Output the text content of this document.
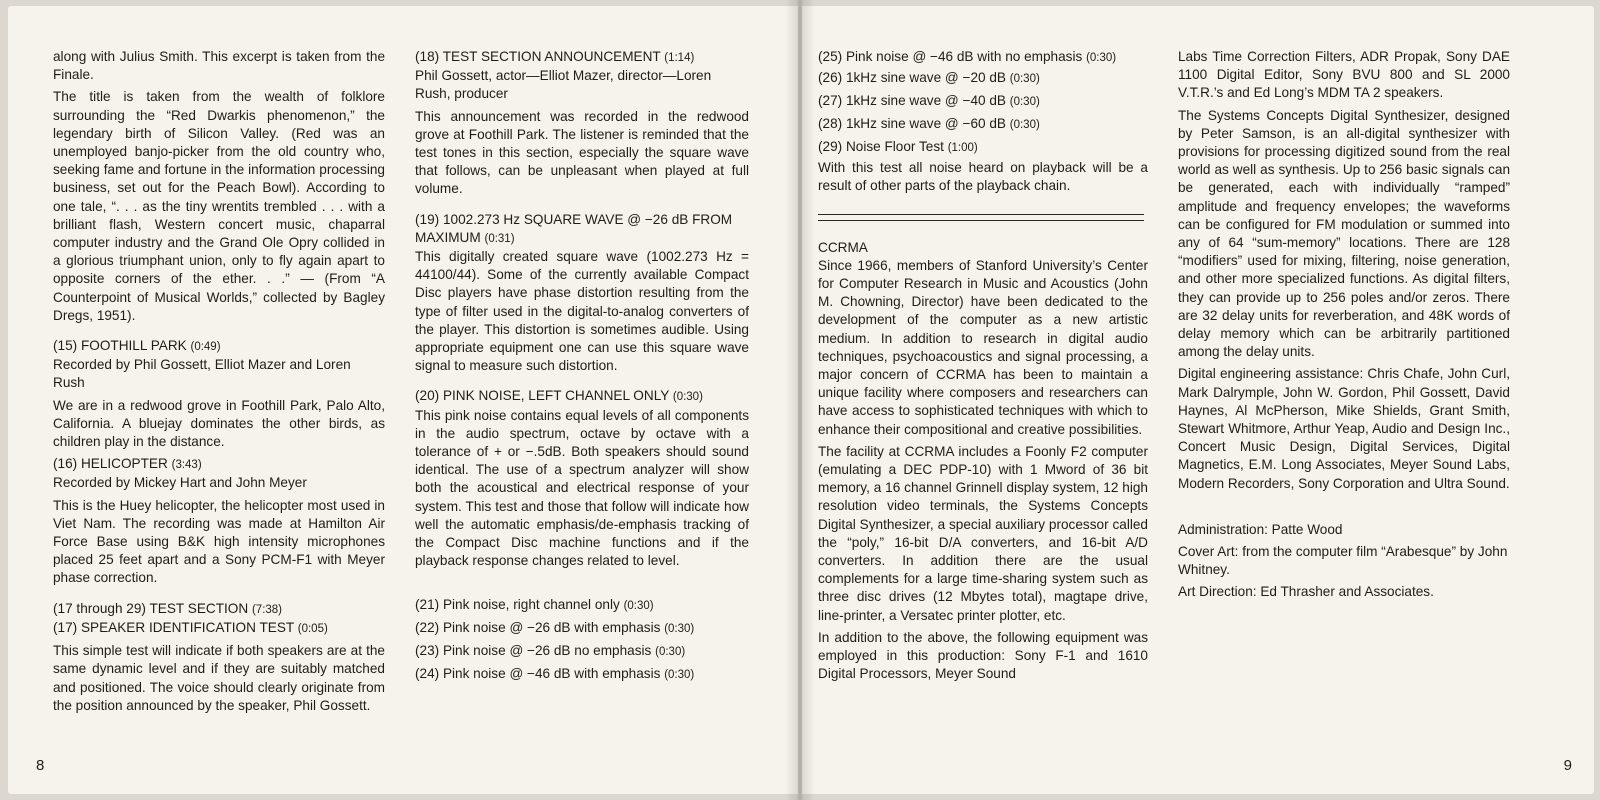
along with Julius Smith. This excerpt is taken from the Finale.

The title is taken from the wealth of folklore surrounding the “Red Dwarkis phenomenon,” the legendary birth of Silicon Valley. (Red was an unemployed banjo-picker from the old country who, seeking fame and fortune in the information processing business, set out for the Peach Bowl). According to one tale, “. . . as the tiny wrentits trembled . . . with a brilliant flash, Western concert music, chaparral computer industry and the Grand Ole Opry collided in a glorious triumphant union, only to fly again apart to opposite corners of the ether. . .” — (From “A Counterpoint of Musical Worlds,” collected by Bagley Dregs, 1951).

(15) FOOTHILL PARK (0:49)

Recorded by Phil Gossett, Elliot Mazer and Loren Rush

We are in a redwood grove in Foothill Park, Palo Alto, California. A bluejay dominates the other birds, as children play in the distance.

(16) HELICOPTER (3:43)

Recorded by Mickey Hart and John Meyer

This is the Huey helicopter, the helicopter most used in Viet Nam. The recording was made at Hamilton Air Force Base using B&K high intensity microphones placed 25 feet apart and a Sony PCM-F1 with Meyer phase correction.

(17 through 29) TEST SECTION (7:38)

(17) SPEAKER IDENTIFICATION TEST (0:05)

This simple test will indicate if both speakers are at the same dynamic level and if they are suitably matched and positioned. The voice should clearly originate from the position announced by the speaker, Phil Gossett.

(18) TEST SECTION ANNOUNCEMENT (1:14)

Phil Gossett, actor—Elliot Mazer, director—Loren Rush, producer

This announcement was recorded in the redwood grove at Foothill Park. The listener is reminded that the test tones in this section, especially the square wave that follows, can be unpleasant when played at full volume.

(19) 1002.273 Hz SQUARE WAVE @ −26 dB FROM MAXIMUM (0:31)

This digitally created square wave (1002.273 Hz = 44100/44). Some of the currently available Compact Disc players have phase distortion resulting from the type of filter used in the digital-to-analog converters of the player. This distortion is sometimes audible. Using appropriate equipment one can use this square wave signal to measure such distortion.

(20) PINK NOISE, LEFT CHANNEL ONLY (0:30)

This pink noise contains equal levels of all components in the audio spectrum, octave by octave with a tolerance of + or −.5dB. Both speakers should sound identical. The use of a spectrum analyzer will show both the acoustical and electrical response of your system. This test and those that follow will indicate how well the automatic emphasis/de-emphasis tracking of the Compact Disc machine functions and if the playback response changes related to level.

(21) Pink noise, right channel only (0:30)

(22) Pink noise @ −26 dB with emphasis (0:30)

(23) Pink noise @ −26 dB no emphasis (0:30)

(24) Pink noise @ −46 dB with emphasis (0:30)

8

(25) Pink noise @ −46 dB with no emphasis (0:30)

(26) 1kHz sine wave @ −20 dB (0:30)

(27) 1kHz sine wave @ −40 dB (0:30)

(28) 1kHz sine wave @ −60 dB (0:30)

(29) Noise Floor Test (1:00)

With this test all noise heard on playback will be a result of other parts of the playback chain.

CCRMA

Since 1966, members of Stanford University’s Center for Computer Research in Music and Acoustics (John M. Chowning, Director) have been dedicated to the development of the computer as a new artistic medium. In addition to research in digital audio techniques, psychoacoustics and signal processing, a major concern of CCRMA has been to maintain a unique facility where composers and researchers can have access to sophisticated techniques with which to enhance their compositional and creative possibilities.

The facility at CCRMA includes a Foonly F2 computer (emulating a DEC PDP-10) with 1 Mword of 36 bit memory, a 16 channel Grinnell display system, 12 high resolution video terminals, the Systems Concepts Digital Synthesizer, a special auxiliary processor called the “poly,” 16-bit D/A converters, and 16-bit A/D converters. In addition there are the usual complements for a large time-sharing system such as three disc drives (12 Mbytes total), magtape drive, line-printer, a Versatec printer plotter, etc.

In addition to the above, the following equipment was employed in this production: Sony F-1 and 1610 Digital Processors, Meyer Sound

Labs Time Correction Filters, ADR Propak, Sony DAE 1100 Digital Editor, Sony BVU 800 and SL 2000 V.T.R.’s and Ed Long’s MDM TA 2 speakers.

The Systems Concepts Digital Synthesizer, designed by Peter Samson, is an all-digital synthesizer with provisions for processing digitized sound from the real world as well as synthesis. Up to 256 basic signals can be generated, each with individually “ramped” amplitude and frequency envelopes; the waveforms can be configured for FM modulation or summed into any of 64 “sum-memory” locations. There are 128 “modifiers” used for mixing, filtering, noise generation, and other more specialized functions. As digital filters, they can provide up to 256 poles and/or zeros. There are 32 delay units for reverberation, and 48K words of delay memory which can be arbitrarily partitioned among the delay units.

Digital engineering assistance: Chris Chafe, John Curl, Mark Dalrymple, John W. Gordon, Phil Gossett, David Haynes, Al McPherson, Mike Shields, Grant Smith, Stewart Whitmore, Arthur Yeap, Audio and Design Inc., Concert Music Design, Digital Services, Digital Magnetics, E.M. Long Associates, Meyer Sound Labs, Modern Recorders, Sony Corporation and Ultra Sound.

Administration: Patte Wood

Cover Art: from the computer film “Arabesque” by John Whitney.

Art Direction: Ed Thrasher and Associates.

9
